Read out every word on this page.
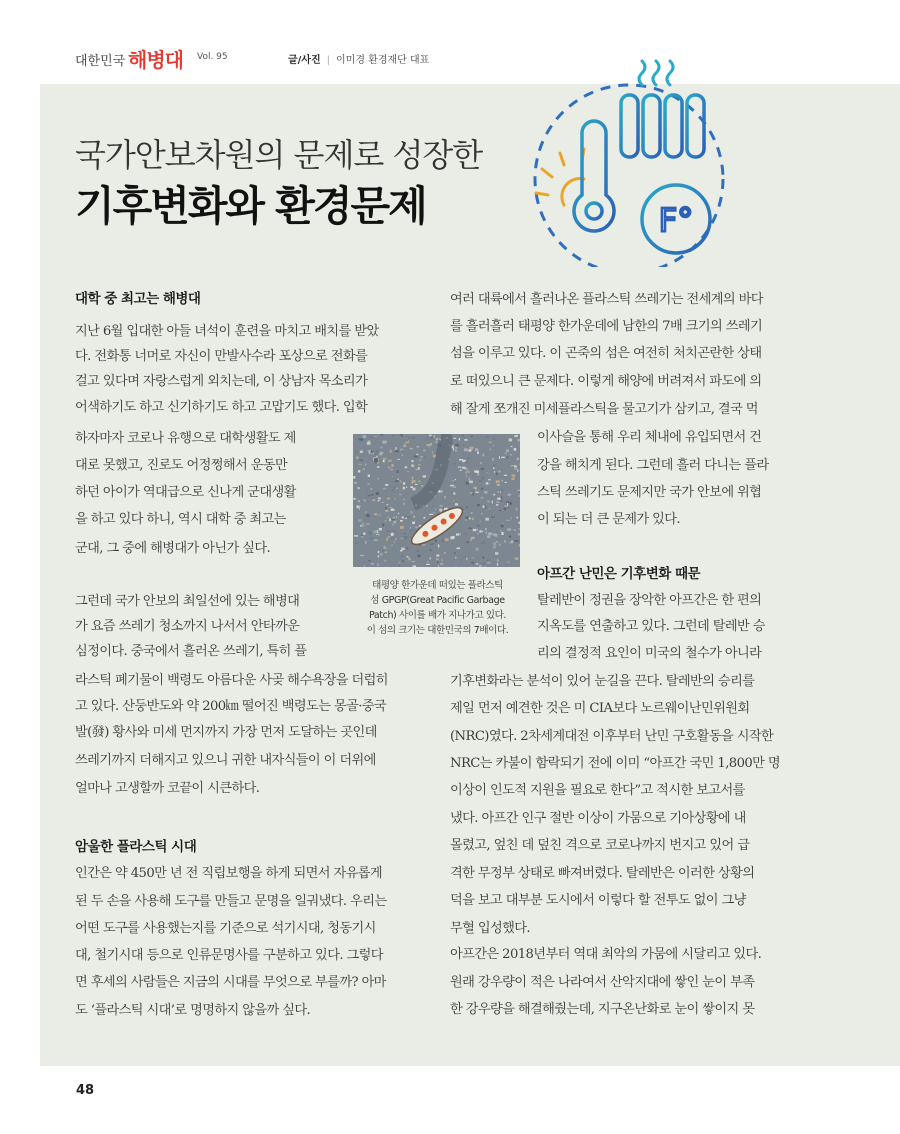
대한민국 해병대 Vol. 95	글/사진 | 이미경 환경재단 대표
국가안보차원의 문제로 성장한
기후변화와 환경문제	F°
대학 중 최고는 해병대
지난 6월 입대한 아들 녀석이 훈련을 마치고 배치를 받았
다. 전화통 너머로 자신이 만발사수라 포상으로 전화를
걸고 있다며 자랑스럽게 외치는데, 이 상남자 목소리가
어색하기도 하고 신기하기도 하고 고맙기도 했다. 입학
하자마자 코로나 유행으로 대학생활도 제
대로 못했고, 진로도 어정쩡해서 운동만
하던 아이가 역대급으로 신나게 군대생활
을 하고 있다 하니, 역시 대학 중 최고는
군대, 그 중에 해병대가 아닌가 싶다.
그런데 국가 안보의 최일선에 있는 해병대
가 요즘 쓰레기 청소까지 나서서 안타까운
심정이다. 중국에서 흘러온 쓰레기, 특히 플
라스틱 폐기물이 백령도 아름다운 사곶 해수욕장을 더럽히
고 있다. 산둥반도와 약 200㎞ 떨어진 백령도는 몽골·중국
발(發) 황사와 미세 먼지까지 가장 먼저 도달하는 곳인데
쓰레기까지 더해지고 있으니 귀한 내자식들이 이 더위에
얼마나 고생할까 코끝이 시큰하다.
암울한 플라스틱 시대
인간은 약 450만 년 전 직립보행을 하게 되면서 자유롭게
된 두 손을 사용해 도구를 만들고 문명을 일궈냈다. 우리는
어떤 도구를 사용했는지를 기준으로 석기시대, 청동기시
대, 철기시대 등으로 인류문명사를 구분하고 있다. 그렇다
면 후세의 사람들은 지금의 시대를 무엇으로 부를까? 아마
도 ‘플라스틱 시대’로 명명하지 않을까 싶다.
여러 대륙에서 흘러나온 플라스틱 쓰레기는 전세계의 바다
를 흘러흘러 태평양 한가운데에 남한의 7배 크기의 쓰레기
섬을 이루고 있다. 이 곤죽의 섬은 여전히 처치곤란한 상태
로 떠있으니 큰 문제다. 이렇게 해양에 버려져서 파도에 의
해 잘게 쪼개진 미세플라스틱을 물고기가 삼키고, 결국 먹
이사슬을 통해 우리 체내에 유입되면서 건
강을 해치게 된다. 그런데 흘러 다니는 플라
스틱 쓰레기도 문제지만 국가 안보에 위협
이 되는 더 큰 문제가 있다.
아프간 난민은 기후변화 때문
탈레반이 정권을 장악한 아프간은 한 편의
지옥도를 연출하고 있다. 그런데 탈레반 승
리의 결정적 요인이 미국의 철수가 아니라
기후변화라는 분석이 있어 눈길을 끈다. 탈레반의 승리를
제일 먼저 예견한 것은 미 CIA보다 노르웨이난민위원회
(NRC)였다. 2차세계대전 이후부터 난민 구호활동을 시작한
NRC는 카불이 함락되기 전에 이미 “아프간 국민 1,800만 명
이상이 인도적 지원을 필요로 한다”고 적시한 보고서를
냈다. 아프간 인구 절반 이상이 가뭄으로 기아상황에 내
몰렸고, 엎친 데 덮친 격으로 코로나까지 번지고 있어 급
격한 무정부 상태로 빠져버렸다. 탈레반은 이러한 상황의
덕을 보고 대부분 도시에서 이렇다 할 전투도 없이 그냥
무혈 입성했다.
아프간은 2018년부터 역대 최악의 가뭄에 시달리고 있다.
원래 강우량이 적은 나라여서 산악지대에 쌓인 눈이 부족
한 강우량을 해결해줬는데, 지구온난화로 눈이 쌓이지 못
태평양 한가운데 떠있는 플라스틱
섬 GPGP(Great Pacific Garbage
Patch) 사이를 배가 지나가고 있다.
이 섬의 크기는 대한민국의 7배이다.
48
